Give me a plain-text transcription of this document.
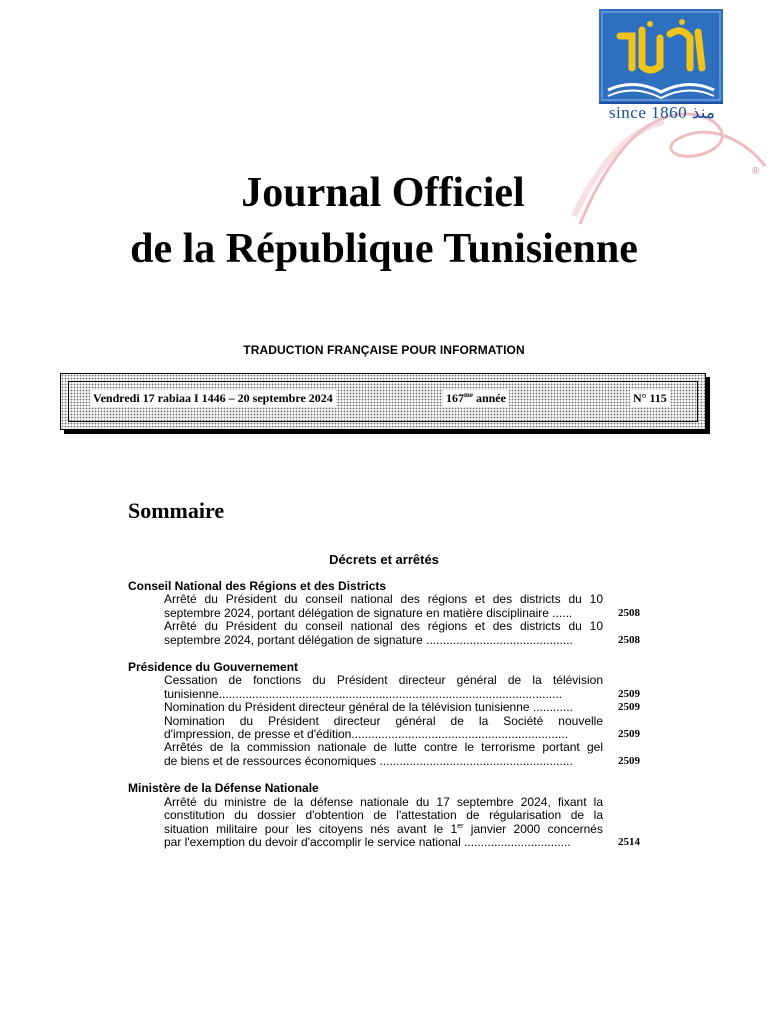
since 1860 منذ
®
Journal Officiel
de la République Tunisienne
TRADUCTION FRANÇAISE POUR INFORMATION
Vendredi 17 rabiaa I 1446 – 20 septembre 2024	$167^{me}$ année	N° 115
Sommaire
Décrets et arrêtés
Conseil National des Régions et des Districts
Arrêté du Président du conseil national des régions et des districts du 10
septembre 2024, portant délégation de signature en matière disciplinaire ......	2508
Arrêté du Président du conseil national des régions et des districts du 10
septembre 2024, portant délégation de signature ............................................	2508
Présidence du Gouvernement
Cessation de fonctions du Président directeur général de la télévision
tunisienne.......................................................................................................	2509
Nomination du Président directeur général de la télévision tunisienne ............	2509
Nomination du Président directeur général de la Société nouvelle
d'impression, de presse et d'édition.................................................................	2509
Arrêtés de la commission nationale de lutte contre le terrorisme portant gel
de biens et de ressources économiques ..........................................................	2509
Ministère de la Défense Nationale
Arrêté du ministre de la défense nationale du 17 septembre 2024, fixant la
constitution du dossier d'obtention de l'attestation de régularisation de la
situation militaire pour les citoyens nés avant le 1er janvier 2000 concernés
par l'exemption du devoir d'accomplir le service national ................................	2514
